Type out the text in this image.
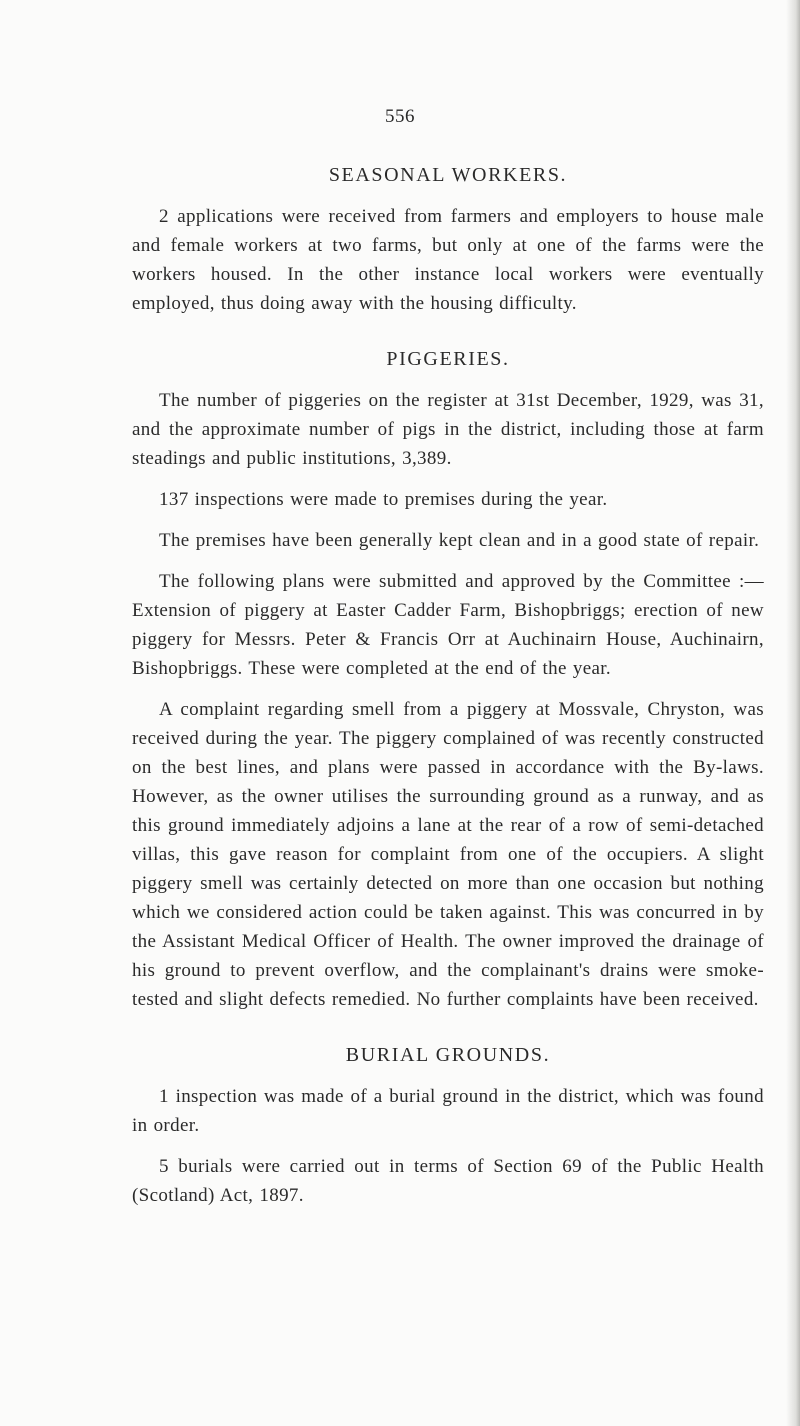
556
SEASONAL WORKERS.

2 applications were received from farmers and employers to house male and female workers at two farms, but only at one of the farms were the workers housed. In the other instance local workers were eventually employed, thus doing away with the housing difficulty.

PIGGERIES.

The number of piggeries on the register at 31st December, 1929, was 31, and the approximate number of pigs in the district, including those at farm steadings and public institutions, 3,389.

137 inspections were made to premises during the year.

The premises have been generally kept clean and in a good state of repair.

The following plans were submitted and approved by the Committee :—Extension of piggery at Easter Cadder Farm, Bishopbriggs; erection of new piggery for Messrs. Peter & Francis Orr at Auchinairn House, Auchinairn, Bishopbriggs. These were completed at the end of the year.

A complaint regarding smell from a piggery at Mossvale, Chryston, was received during the year. The piggery complained of was recently constructed on the best lines, and plans were passed in accordance with the By-laws. However, as the owner utilises the surrounding ground as a runway, and as this ground immediately adjoins a lane at the rear of a row of semi-detached villas, this gave reason for complaint from one of the occupiers. A slight piggery smell was certainly detected on more than one occasion but nothing which we considered action could be taken against. This was concurred in by the Assistant Medical Officer of Health. The owner improved the drainage of his ground to prevent overflow, and the complainant's drains were smoke-tested and slight defects remedied. No further complaints have been received.

BURIAL GROUNDS.

1 inspection was made of a burial ground in the district, which was found in order.

5 burials were carried out in terms of Section 69 of the Public Health (Scotland) Act, 1897.
